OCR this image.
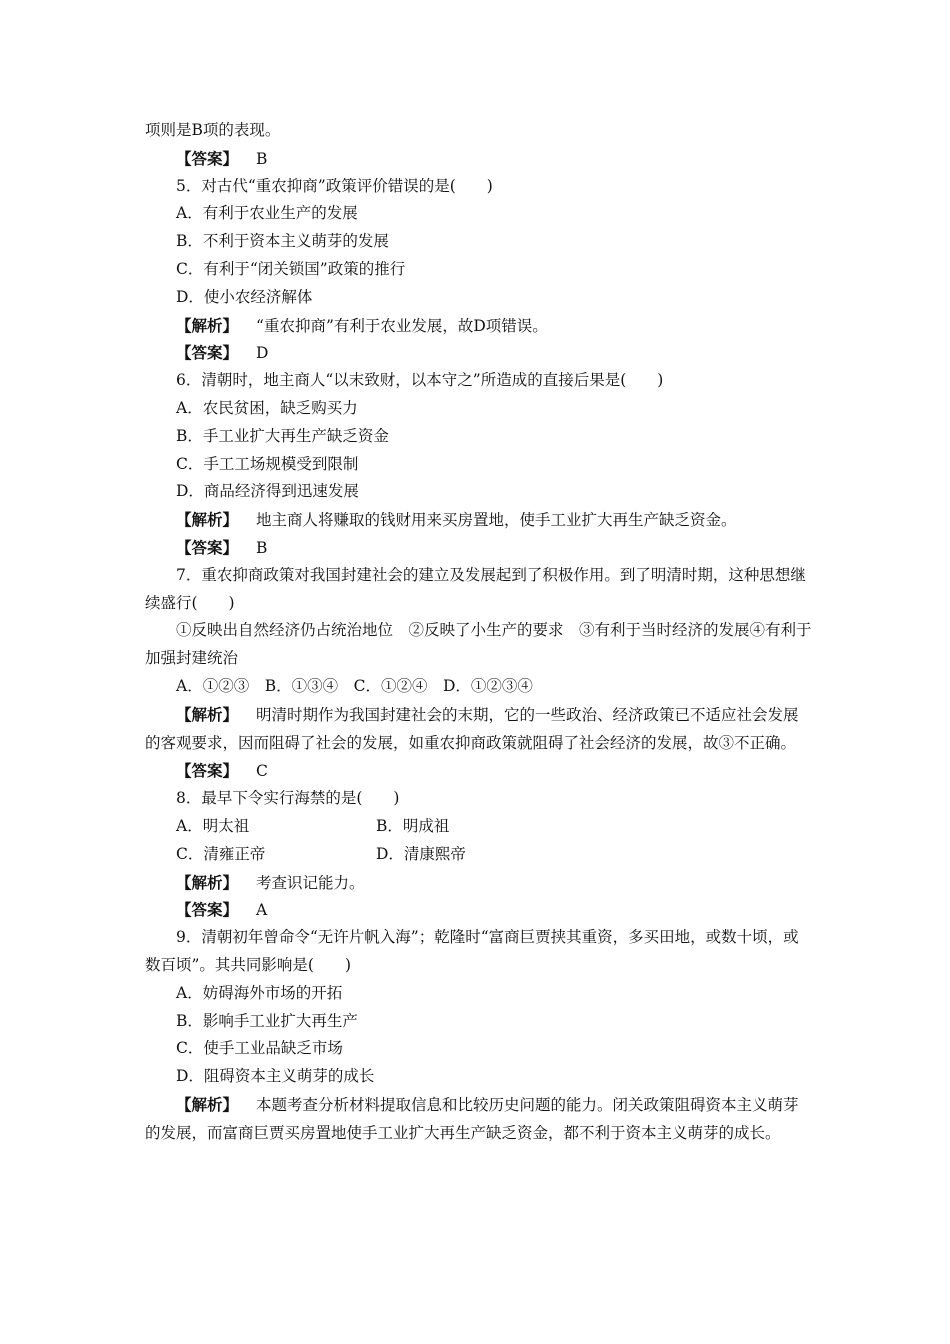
项则是B项的表现。
【答案】 B
5．对古代“重农抑商”政策评价错误的是(　　)
A．有利于农业生产的发展
B．不利于资本主义萌芽的发展
C．有利于“闭关锁国”政策的推行
D．使小农经济解体
【解析】 “重农抑商”有利于农业发展，故D项错误。
【答案】 D
6．清朝时，地主商人“以末致财，以本守之”所造成的直接后果是(　　)
A．农民贫困，缺乏购买力
B．手工业扩大再生产缺乏资金
C．手工工场规模受到限制
D．商品经济得到迅速发展
【解析】 地主商人将赚取的钱财用来买房置地，使手工业扩大再生产缺乏资金。
【答案】 B
7．重农抑商政策对我国封建社会的建立及发展起到了积极作用。到了明清时期，这种思想继续盛行(　　)
①反映出自然经济仍占统治地位　②反映了小生产的要求　③有利于当时经济的发展④有利于加强封建统治
A．①②③　B．①③④　C．①②④　D．①②③④
【解析】 明清时期作为我国封建社会的末期，它的一些政治、经济政策已不适应社会发展的客观要求，因而阻碍了社会的发展，如重农抑商政策就阻碍了社会经济的发展，故③不正确。
【答案】 C
8．最早下令实行海禁的是(　　)
A．明太祖	B．明成祖
C．清雍正帝	D．清康熙帝
【解析】 考查识记能力。
【答案】 A
9．清朝初年曾命令“无许片帆入海”；乾隆时“富商巨贾挟其重资，多买田地，或数十顷，或数百顷”。其共同影响是(　　)
A．妨碍海外市场的开拓
B．影响手工业扩大再生产
C．使手工业品缺乏市场
D．阻碍资本主义萌芽的成长
【解析】 本题考查分析材料提取信息和比较历史问题的能力。闭关政策阻碍资本主义萌芽的发展，而富商巨贾买房置地使手工业扩大再生产缺乏资金，都不利于资本主义萌芽的成长。
